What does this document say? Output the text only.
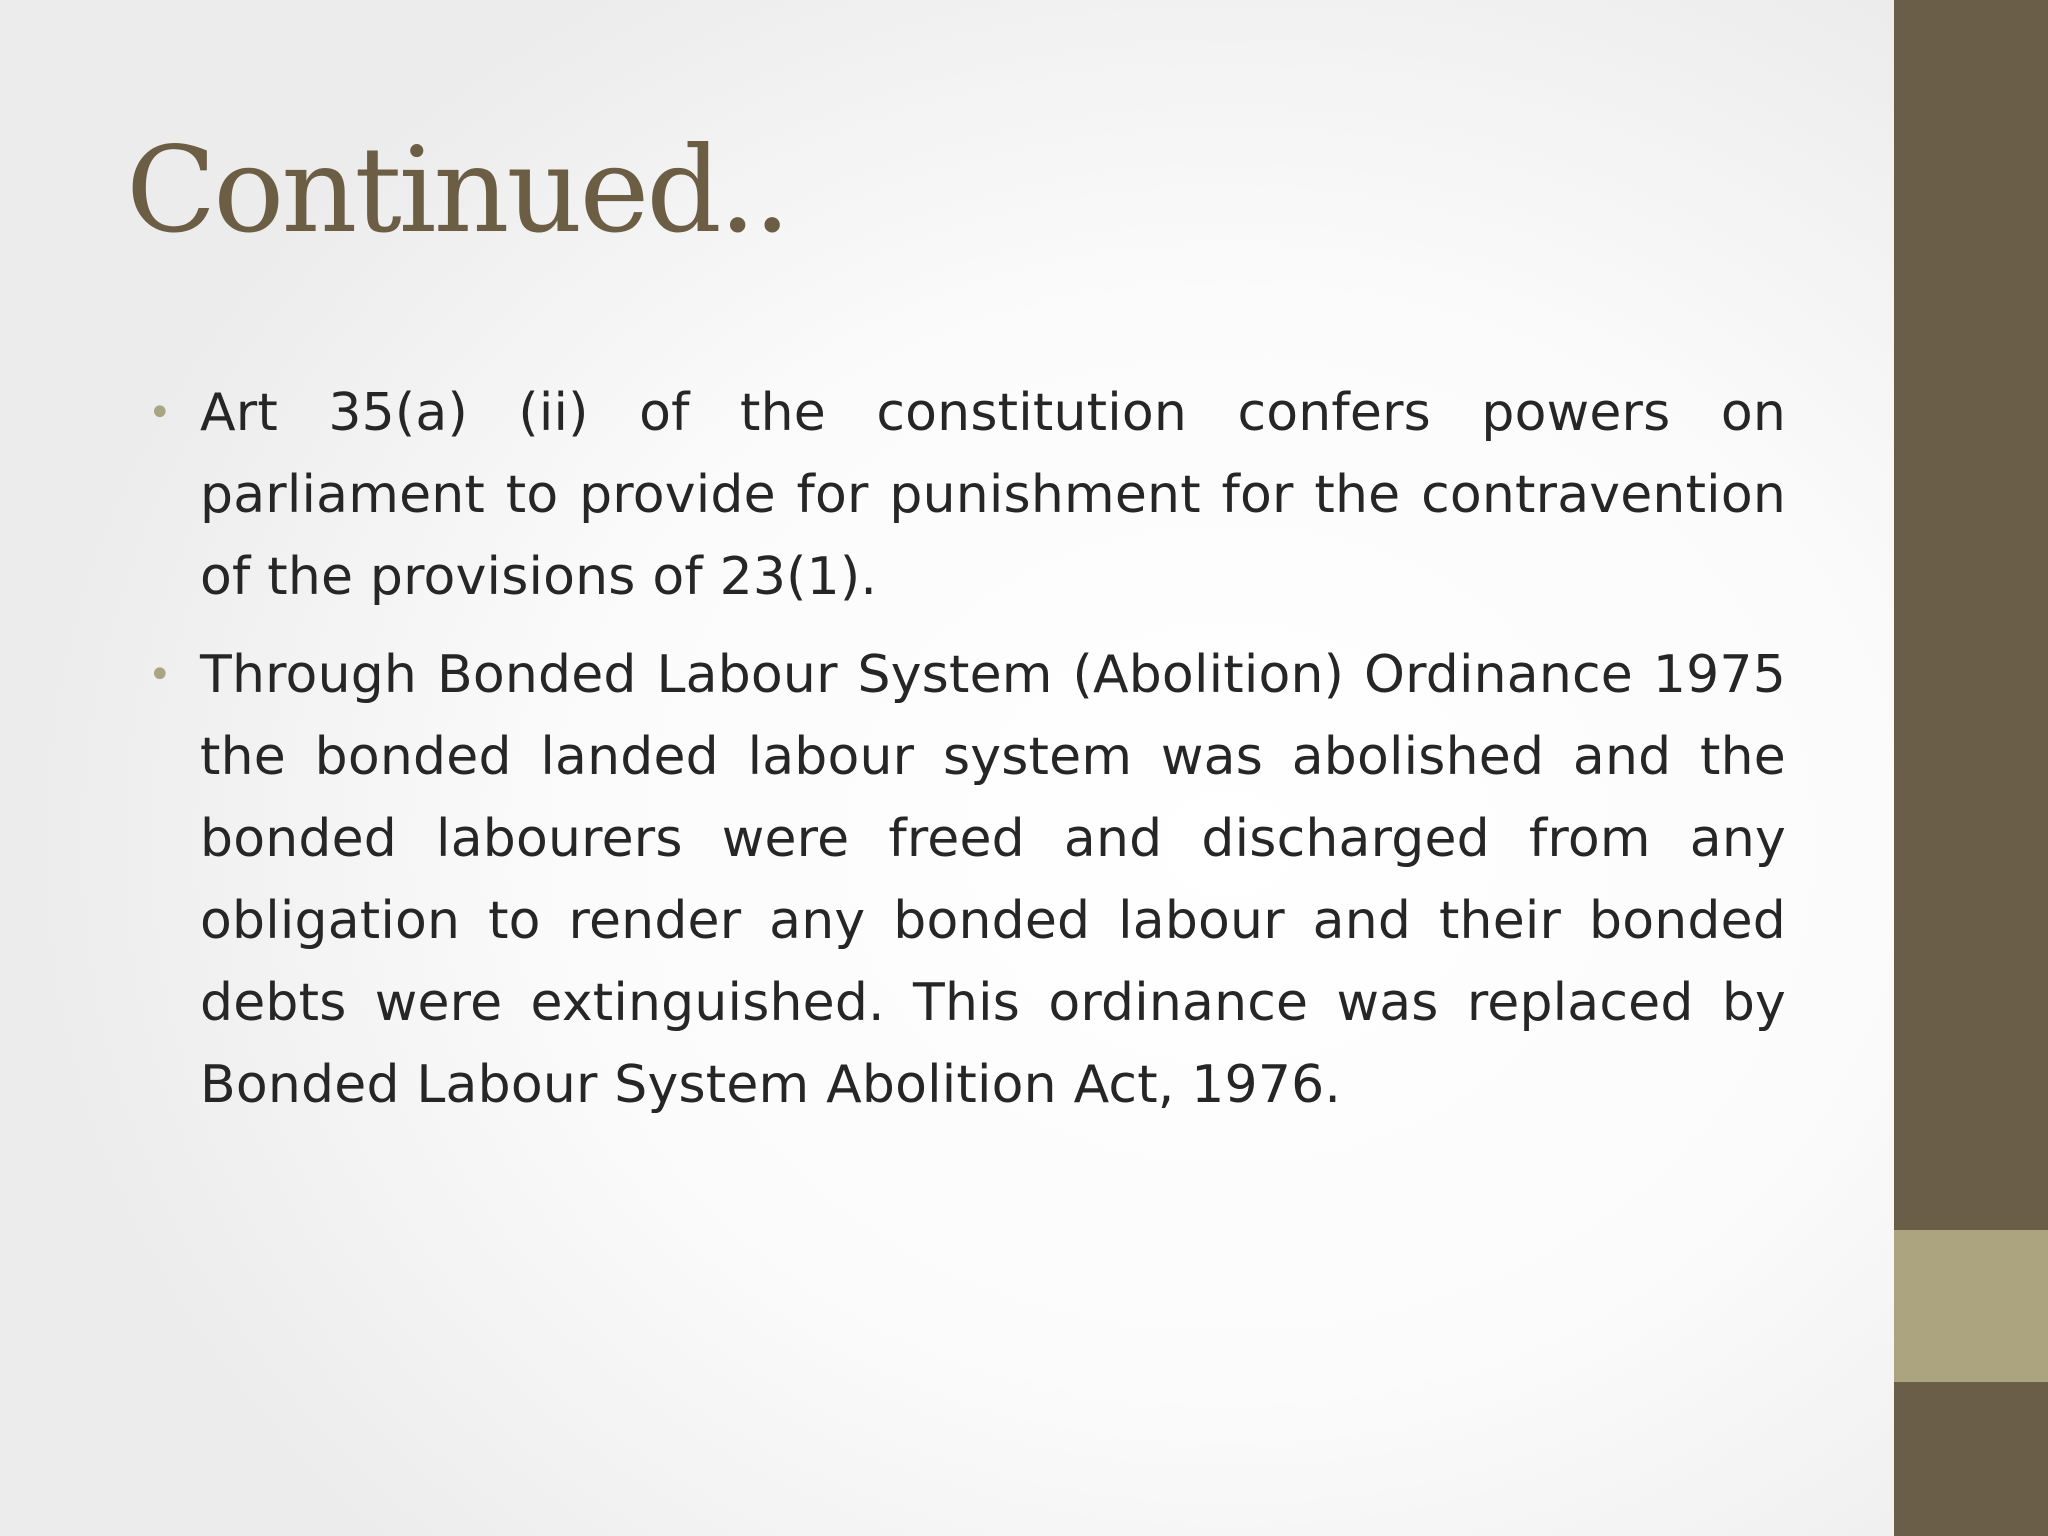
Continued..
• Art 35(a) (ii) of the constitution confers powers on parliament to provide for punishment for the contravention of the provisions of 23(1).
• Through Bonded Labour System (Abolition) Ordinance 1975 the bonded landed labour system was abolished and the bonded labourers were freed and discharged from any obligation to render any bonded labour and their bonded debts were extinguished. This ordinance was replaced by Bonded Labour System Abolition Act, 1976.
